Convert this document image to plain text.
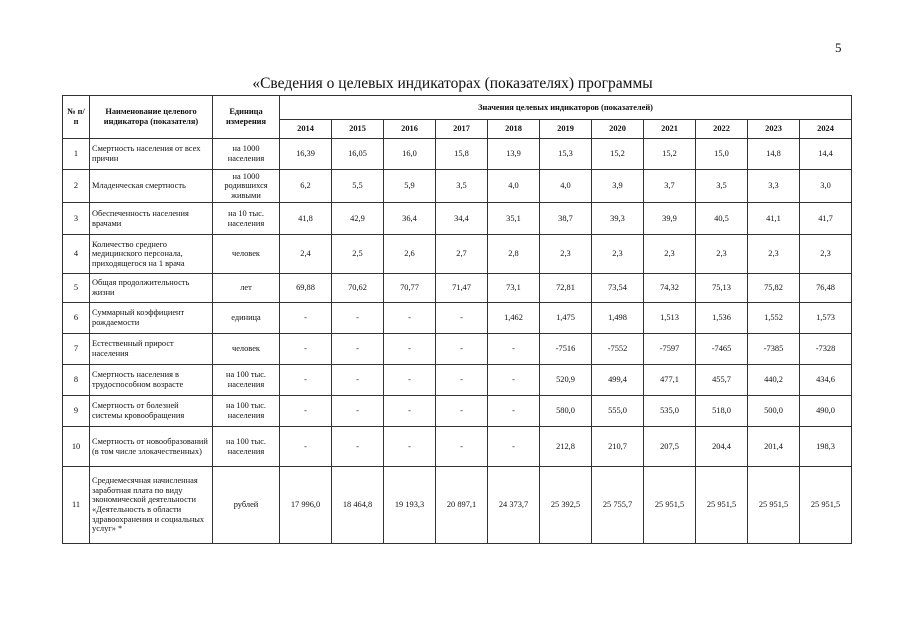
5
«Сведения о целевых индикаторах (показателях) программы
№ п/п	Наименование целевого индикатора (показателя)	Единица измерения	Значения целевых индикаторов (показателей)										
			2014	2015	2016	2017	2018	2019	2020	2021	2022	2023	2024
1	Смертность населения от всех причин	на 1000 населения	16,39	16,05	16,0	15,8	13,9	15,3	15,2	15,2	15,0	14,8	14,4
2	Младенческая смертность	на 1000 родившихся живыми	6,2	5,5	5,9	3,5	4,0	4,0	3,9	3,7	3,5	3,3	3,0
3	Обеспеченность населения врачами	на 10 тыс. населения	41,8	42,9	36,4	34,4	35,1	38,7	39,3	39,9	40,5	41,1	41,7
4	Количество среднего медицинского персонала, приходящегося на 1 врача	человек	2,4	2,5	2,6	2,7	2,8	2,3	2,3	2,3	2,3	2,3	2,3
5	Общая продолжительность жизни	лет	69,88	70,62	70,77	71,47	73,1	72,81	73,54	74,32	75,13	75,82	76,48
6	Суммарный коэффициент рождаемости	единица	-	-	-	-	1,462	1,475	1,498	1,513	1,536	1,552	1,573
7	Естественный прирост населения	человек	-	-	-	-	-	-7516	-7552	-7597	-7465	-7385	-7328
8	Смертность населения в трудоспособном возрасте	на 100 тыс. населения	-	-	-	-	-	520,9	499,4	477,1	455,7	440,2	434,6
9	Смертность от болезней системы кровообращения	на 100 тыс. населения	-	-	-	-	-	580,0	555,0	535,0	518,0	500,0	490,0
10	Смертность от новообразований (в том числе злокачественных)	на 100 тыс. населения	-	-	-	-	-	212,8	210,7	207,5	204,4	201,4	198,3
11	Среднемесячная начисленная заработная плата по виду экономической деятельности «Деятельность в области здравоохранения и социальных услуг» *	рублей	17 996,0	18 464,8	19 193,3	20 897,1	24 373,7	25 392,5	25 755,7	25 951,5	25 951,5	25 951,5	25 951,5
